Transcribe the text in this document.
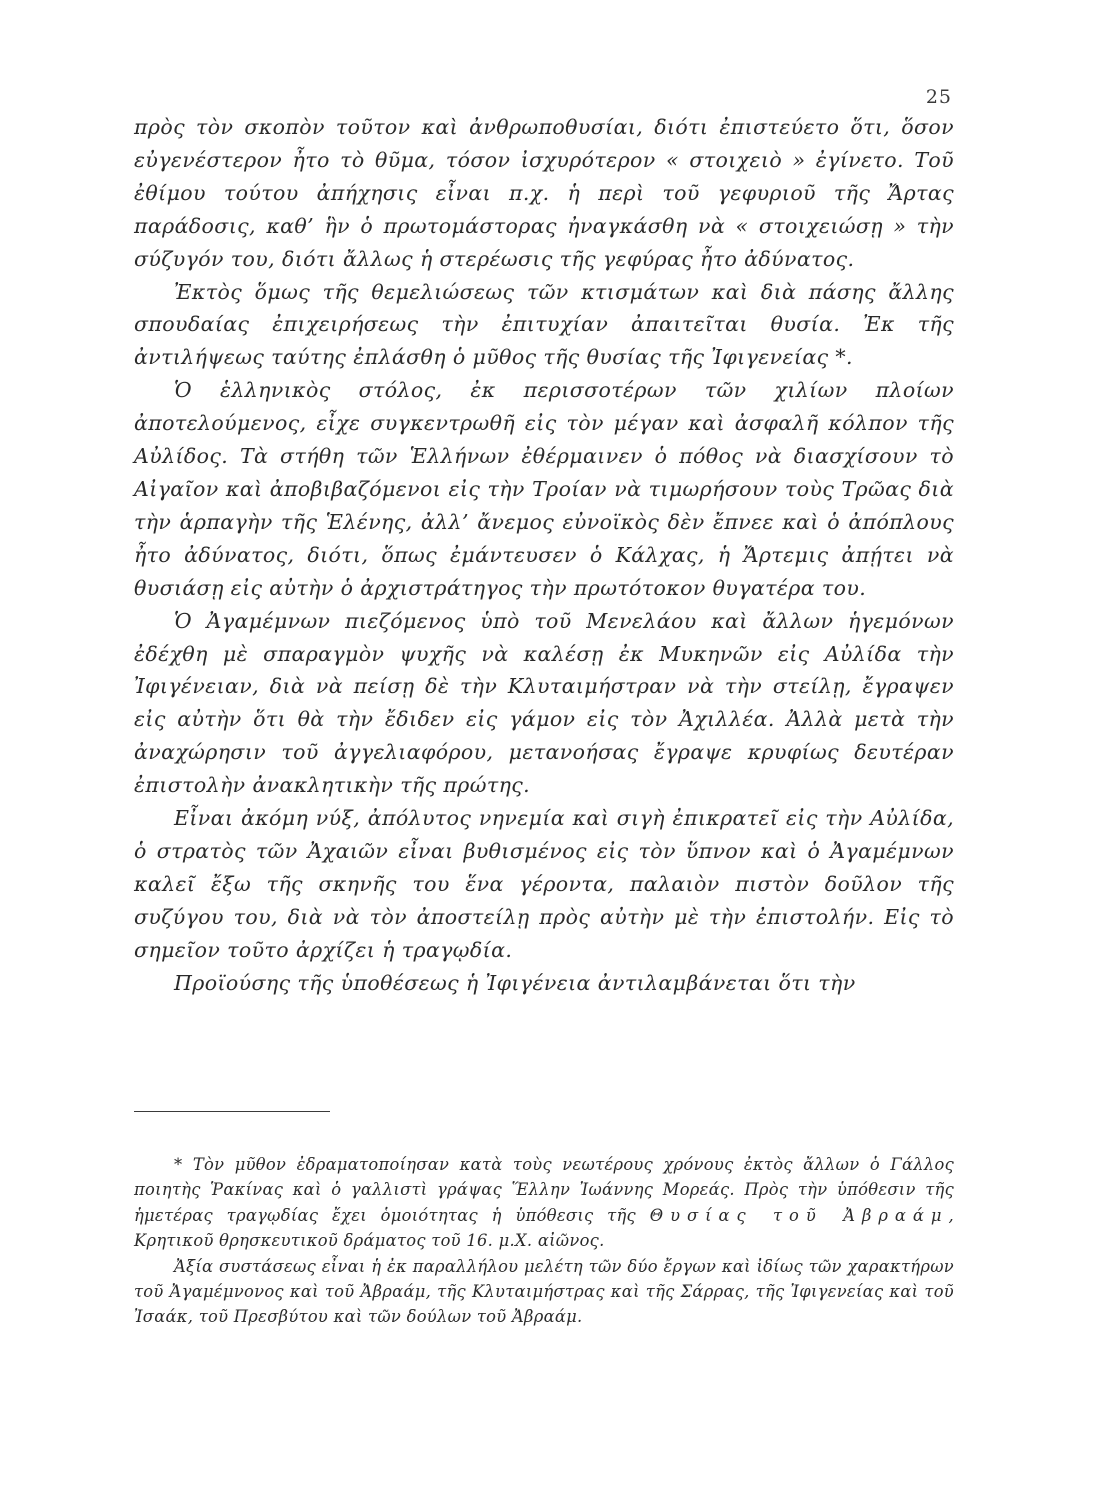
25

πρὸς τὸν σκοπὸν τοῦτον καὶ ἀνθρωποθυσίαι, διότι ἐπιστεύετο ὅτι, ὅσον εὐγενέστερον ἦτο τὸ θῦμα, τόσον ἰσχυρότερον « στοιχειὸ » ἐγίνετο. Τοῦ ἐθίμου τούτου ἀπήχησις εἶναι π.χ. ἡ περὶ τοῦ γεφυριοῦ τῆς Ἄρτας παράδοσις, καθ’ ἣν ὁ πρωτομάστορας ἠναγκάσθη νὰ « στοιχειώσῃ » τὴν σύζυγόν του, διότι ἄλλως ἡ στερέωσις τῆς γεφύρας ἦτο ἀδύνατος.

Ἐκτὸς ὅμως τῆς θεμελιώσεως τῶν κτισμάτων καὶ διὰ πάσης ἄλλης σπουδαίας ἐπιχειρήσεως τὴν ἐπιτυχίαν ἀπαιτεῖται θυσία. Ἐκ τῆς ἀντιλήψεως ταύτης ἐπλάσθη ὁ μῦθος τῆς θυσίας τῆς Ἰφιγενείας *.

Ὁ ἑλληνικὸς στόλος, ἐκ περισσοτέρων τῶν χιλίων πλοίων ἀποτελούμενος, εἶχε συγκεντρωθῆ εἰς τὸν μέγαν καὶ ἀσφαλῆ κόλπον τῆς Αὐλίδος. Τὰ στήθη τῶν Ἑλλήνων ἐθέρμαινεν ὁ πόθος νὰ διασχίσουν τὸ Αἰγαῖον καὶ ἀποβιβαζόμενοι εἰς τὴν Τροίαν νὰ τιμωρήσουν τοὺς Τρῶας διὰ τὴν ἁρπαγὴν τῆς Ἑλένης, ἀλλ’ ἄνεμος εὐνοϊκὸς δὲν ἔπνεε καὶ ὁ ἀπόπλους ἦτο ἀδύνατος, διότι, ὅπως ἐμάντευσεν ὁ Κάλχας, ἡ Ἄρτεμις ἀπῄτει νὰ θυσιάσῃ εἰς αὐτὴν ὁ ἀρχιστράτηγος τὴν πρωτότοκον θυγατέρα του.

Ὁ Ἀγαμέμνων πιεζόμενος ὑπὸ τοῦ Μενελάου καὶ ἄλλων ἡγεμόνων ἐδέχθη μὲ σπαραγμὸν ψυχῆς νὰ καλέσῃ ἐκ Μυκηνῶν εἰς Αὐλίδα τὴν Ἰφιγένειαν, διὰ νὰ πείσῃ δὲ τὴν Κλυταιμήστραν νὰ τὴν στείλῃ, ἔγραψεν εἰς αὐτὴν ὅτι θὰ τὴν ἔδιδεν εἰς γάμον εἰς τὸν Ἀχιλλέα. Ἀλλὰ μετὰ τὴν ἀναχώρησιν τοῦ ἀγγελιαφόρου, μετανοήσας ἔγραψε κρυφίως δευτέραν ἐπιστολὴν ἀνακλητικὴν τῆς πρώτης.

Εἶναι ἀκόμη νύξ, ἀπόλυτος νηνεμία καὶ σιγὴ ἐπικρατεῖ εἰς τὴν Αὐλίδα, ὁ στρατὸς τῶν Ἀχαιῶν εἶναι βυθισμένος εἰς τὸν ὕπνον καὶ ὁ Ἀγαμέμνων καλεῖ ἔξω τῆς σκηνῆς του ἕνα γέροντα, παλαιὸν πιστὸν δοῦλον τῆς συζύγου του, διὰ νὰ τὸν ἀποστείλῃ πρὸς αὐτὴν μὲ τὴν ἐπιστολήν. Εἰς τὸ σημεῖον τοῦτο ἀρχίζει ἡ τραγῳδία.

Προϊούσης τῆς ὑποθέσεως ἡ Ἰφιγένεια ἀντιλαμβάνεται ὅτι τὴν

* Τὸν μῦθον ἐδραματοποίησαν κατὰ τοὺς νεωτέρους χρόνους ἐκτὸς ἄλλων ὁ Γάλλος ποιητὴς Ῥακίνας καὶ ὁ γαλλιστὶ γράψας Ἕλλην Ἰωάννης Μορεάς. Πρὸς τὴν ὑπόθεσιν τῆς ἡμετέρας τραγῳδίας ἔχει ὁμοιότητας ἡ ὑπόθεσις τῆς Θυσίας τοῦ Ἀβραάμ, Κρητικοῦ θρησκευτικοῦ δράματος τοῦ 16. μ.Χ. αἰῶνος.

Ἀξία συστάσεως εἶναι ἡ ἐκ παραλλήλου μελέτη τῶν δύο ἔργων καὶ ἰδίως τῶν χαρακτήρων τοῦ Ἀγαμέμνονος καὶ τοῦ Ἀβραάμ, τῆς Κλυταιμήστρας καὶ τῆς Σάρρας, τῆς Ἰφιγενείας καὶ τοῦ Ἰσαάκ, τοῦ Πρεσβύτου καὶ τῶν δούλων τοῦ Ἀβραάμ.
